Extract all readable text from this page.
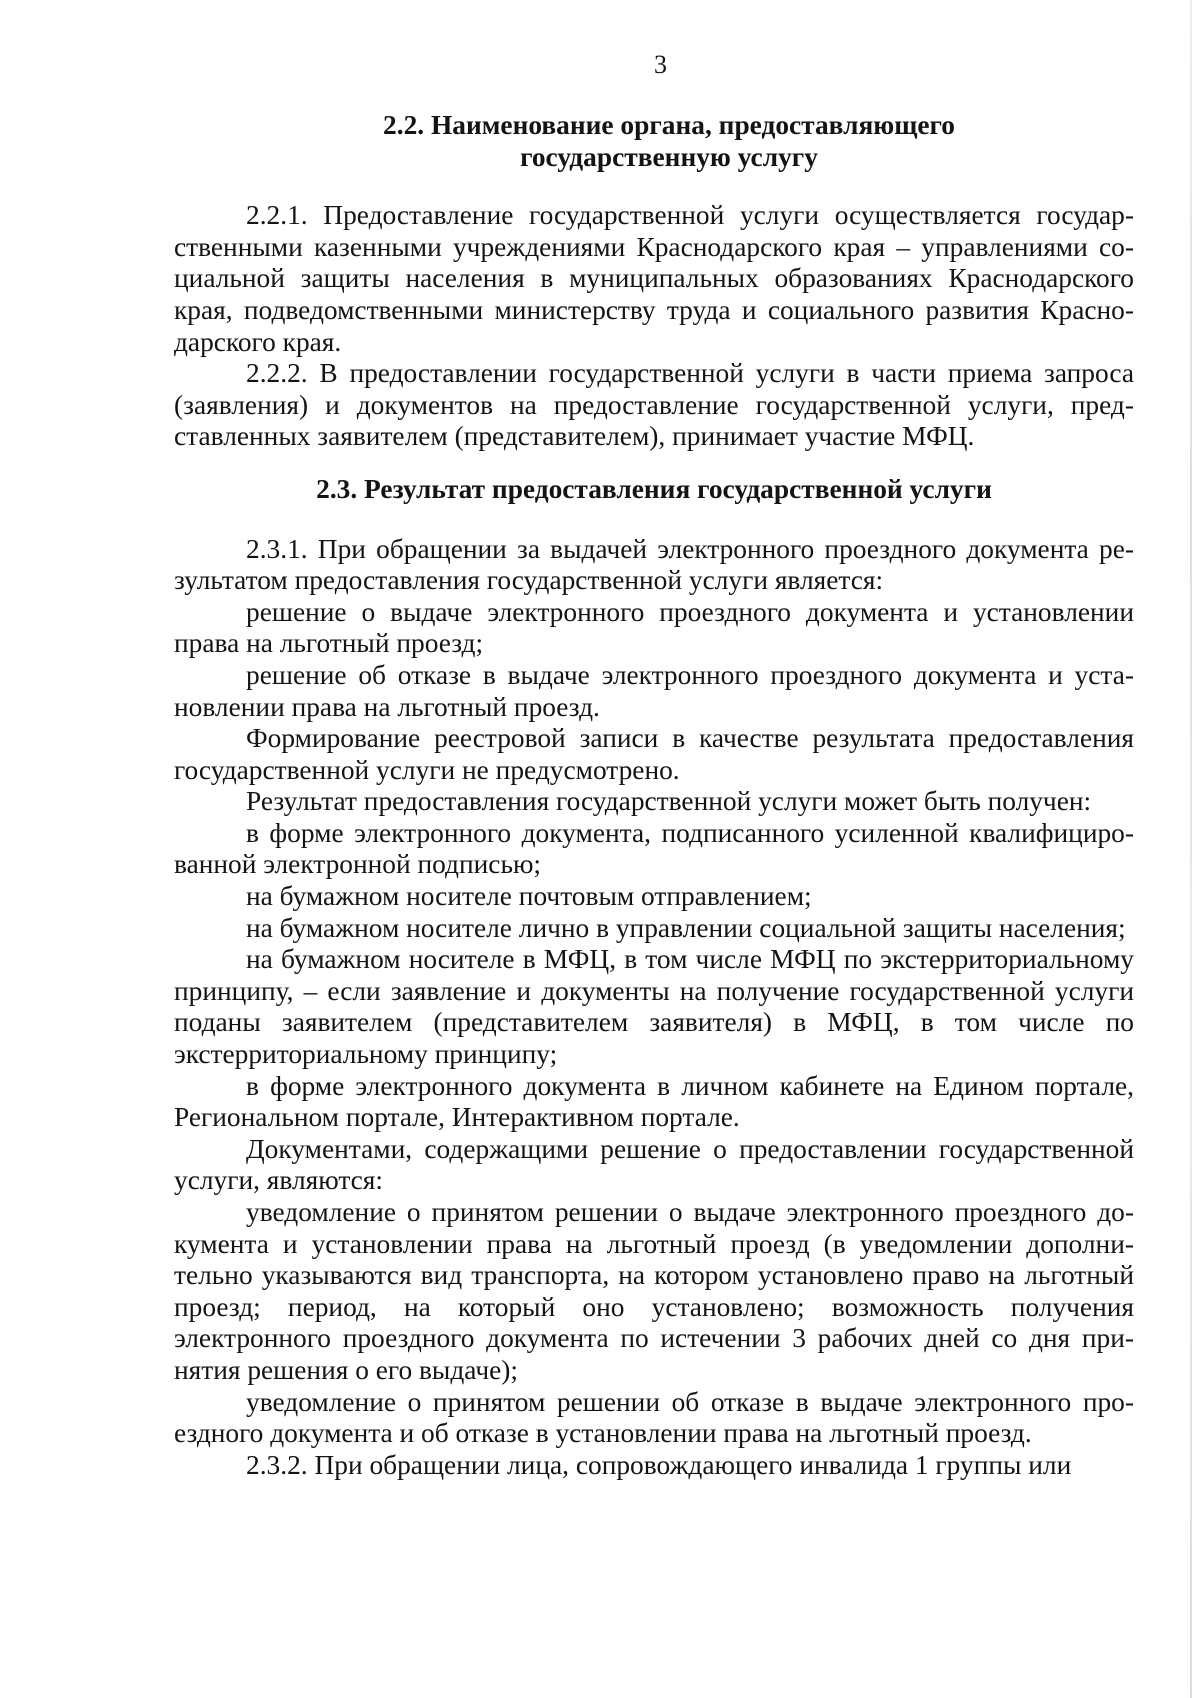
3
2.2. Наименование органа, предоставляющего
государственную услугу

2.2.1. Предоставление государственной услуги осуществляется государственными казенными учреждениями Краснодарского края – управлениями социальной защиты населения в муниципальных образованиях Краснодарского края, подведомственными министерству труда и социального развития Краснодарского края.

2.2.2. В предоставлении государственной услуги в части приема запроса (заявления) и документов на предоставление государственной услуги, представленных заявителем (представителем), принимает участие МФЦ.

2.3. Результат предоставления государственной услуги

2.3.1. При обращении за выдачей электронного проездного документа результатом предоставления государственной услуги является:

решение о выдаче электронного проездного документа и установлении права на льготный проезд;

решение об отказе в выдаче электронного проездного документа и установлении права на льготный проезд.

Формирование реестровой записи в качестве результата предоставления государственной услуги не предусмотрено.

Результат предоставления государственной услуги может быть получен:

в форме электронного документа, подписанного усиленной квалифицированной электронной подписью;

на бумажном носителе почтовым отправлением;

на бумажном носителе лично в управлении социальной защиты населения;

на бумажном носителе в МФЦ, в том числе МФЦ по экстерриториальному принципу, – если заявление и документы на получение государственной услуги поданы заявителем (представителем заявителя) в МФЦ, в том числе по экстерриториальному принципу;

в форме электронного документа в личном кабинете на Едином портале, Региональном портале, Интерактивном портале.

Документами, содержащими решение о предоставлении государственной услуги, являются:

уведомление о принятом решении о выдаче электронного проездного документа и установлении права на льготный проезд (в уведомлении дополнительно указываются вид транспорта, на котором установлено право на льготный проезд; период, на который оно установлено; возможность получения электронного проездного документа по истечении 3 рабочих дней со дня принятия решения о его выдаче);

уведомление о принятом решении об отказе в выдаче электронного проездного документа и об отказе в установлении права на льготный проезд.

2.3.2. При обращении лица, сопровождающего инвалида 1 группы или
